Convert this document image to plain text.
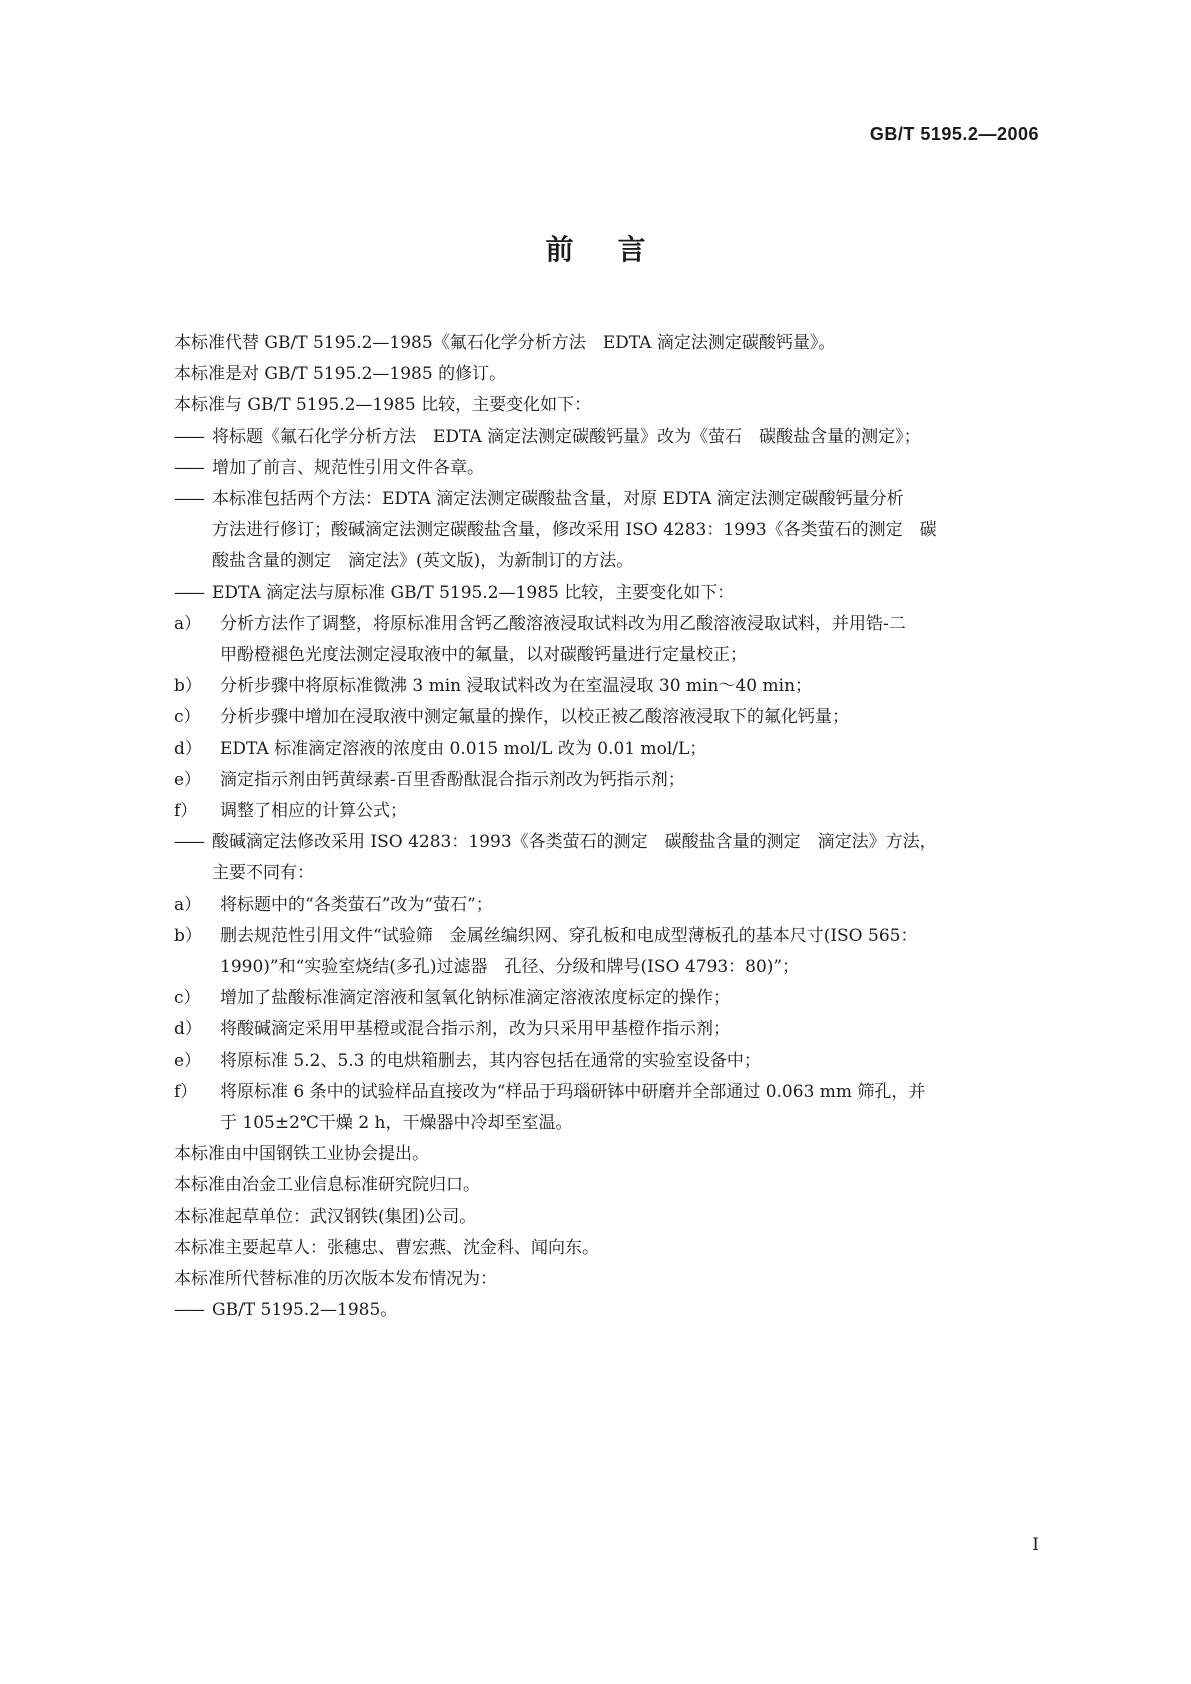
GB/T 5195.2—2006
前言

本标准代替 GB/T 5195.2—1985《氟石化学分析方法　EDTA 滴定法测定碳酸钙量》。

本标准是对 GB/T 5195.2—1985 的修订。

本标准与 GB/T 5195.2—1985 比较，主要变化如下：

—— 将标题《氟石化学分析方法　EDTA 滴定法测定碳酸钙量》改为《萤石　碳酸盐含量的测定》；
—— 增加了前言、规范性引用文件各章。
—— 本标准包括两个方法：EDTA 滴定法测定碳酸盐含量，对原 EDTA 滴定法测定碳酸钙量分析
方法进行修订；酸碱滴定法测定碳酸盐含量，修改采用 ISO 4283：1993《各类萤石的测定　碳
酸盐含量的测定　滴定法》(英文版)，为新制订的方法。
—— EDTA 滴定法与原标准 GB/T 5195.2—1985 比较，主要变化如下：
a）	分析方法作了调整，将原标准用含钙乙酸溶液浸取试料改为用乙酸溶液浸取试料，并用锆-二
甲酚橙褪色光度法测定浸取液中的氟量，以对碳酸钙量进行定量校正；
b）	分析步骤中将原标准微沸 3 min 浸取试料改为在室温浸取 30 min～40 min；
c）	分析步骤中增加在浸取液中测定氟量的操作，以校正被乙酸溶液浸取下的氟化钙量；
d）	EDTA 标准滴定溶液的浓度由 0.015 mol/L 改为 0.01 mol/L；
e）	滴定指示剂由钙黄绿素-百里香酚酞混合指示剂改为钙指示剂；
f）	调整了相应的计算公式；
—— 酸碱滴定法修改采用 ISO 4283：1993《各类萤石的测定　碳酸盐含量的测定　滴定法》方法，
主要不同有：
a）	将标题中的“各类萤石”改为“萤石”；
b）	删去规范性引用文件“试验筛　金属丝编织网、穿孔板和电成型薄板孔的基本尺寸(ISO 565：
1990)”和“实验室烧结(多孔)过滤器　孔径、分级和牌号(ISO 4793：80)”；
c）	增加了盐酸标准滴定溶液和氢氧化钠标准滴定溶液浓度标定的操作；
d）	将酸碱滴定采用甲基橙或混合指示剂，改为只采用甲基橙作指示剂；
e）	将原标准 5.2、5.3 的电烘箱删去，其内容包括在通常的实验室设备中；
f）	将原标准 6 条中的试验样品直接改为“样品于玛瑙研钵中研磨并全部通过 0.063 mm 筛孔，并
于 105±2℃干燥 2 h，干燥器中冷却至室温。

本标准由中国钢铁工业协会提出。

本标准由冶金工业信息标准研究院归口。

本标准起草单位：武汉钢铁(集团)公司。

本标准主要起草人：张穗忠、曹宏燕、沈金科、闻向东。

本标准所代替标准的历次版本发布情况为：

—— GB/T 5195.2—1985。
I
